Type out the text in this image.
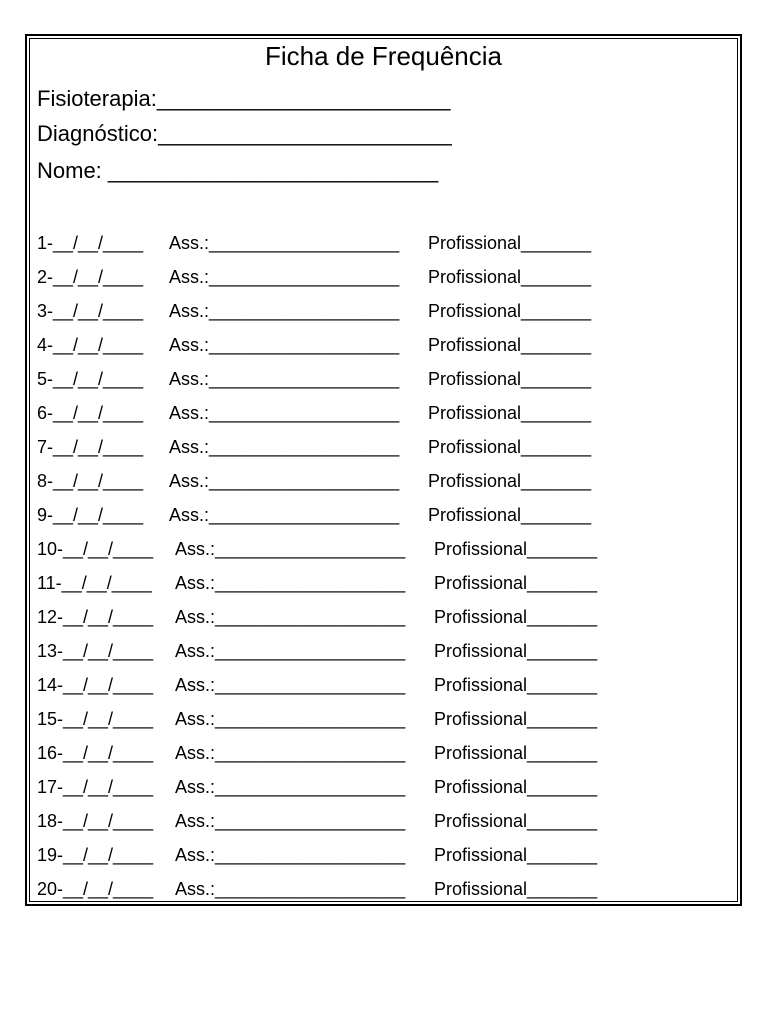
Ficha de Frequência
Fisioterapia:________________________
Diagnóstico:________________________
Nome: ___________________________
1-__/__/____ Ass.:___________________ Profissional_______
2-__/__/____ Ass.:___________________ Profissional_______
3-__/__/____ Ass.:___________________ Profissional_______
4-__/__/____ Ass.:___________________ Profissional_______
5-__/__/____ Ass.:___________________ Profissional_______
6-__/__/____ Ass.:___________________ Profissional_______
7-__/__/____ Ass.:___________________ Profissional_______
8-__/__/____ Ass.:___________________ Profissional_______
9-__/__/____ Ass.:___________________ Profissional_______
10-__/__/____ Ass.:___________________ Profissional_______
11-__/__/____ Ass.:___________________ Profissional_______
12-__/__/____ Ass.:___________________ Profissional_______
13-__/__/____ Ass.:___________________ Profissional_______
14-__/__/____ Ass.:___________________ Profissional_______
15-__/__/____ Ass.:___________________ Profissional_______
16-__/__/____ Ass.:___________________ Profissional_______
17-__/__/____ Ass.:___________________ Profissional_______
18-__/__/____ Ass.:___________________ Profissional_______
19-__/__/____ Ass.:___________________ Profissional_______
20-__/__/____ Ass.:___________________ Profissional_______
